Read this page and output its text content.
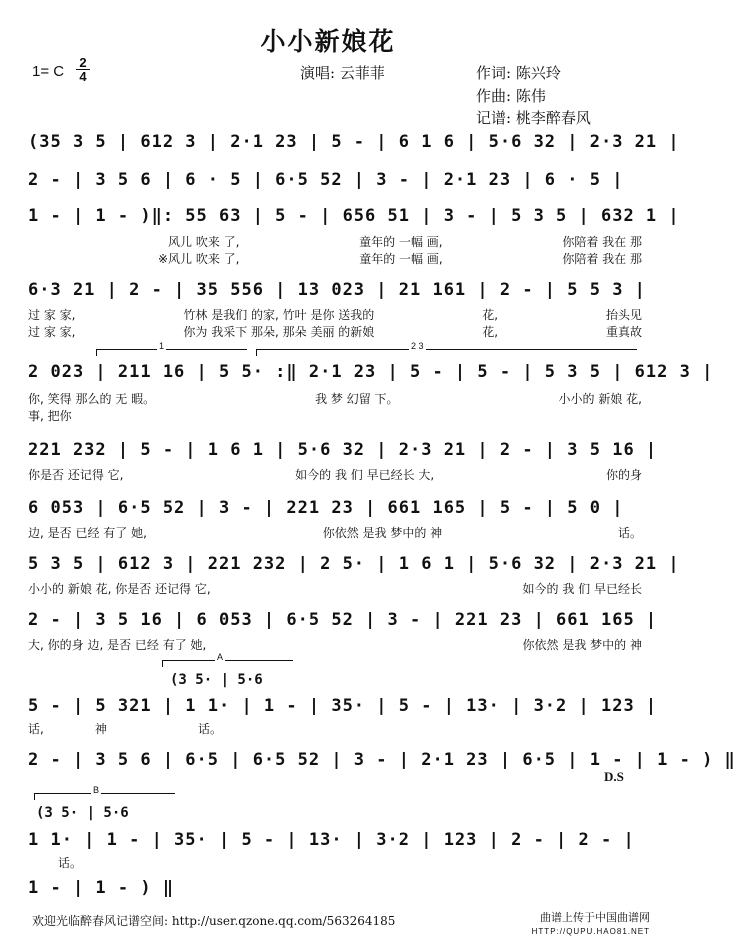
小小新娘花
1= C $\frac{2}{4}$	演唱: 云菲菲	作词: 陈兴玲
作曲: 陈伟
记谱: 桃李醉春风
(35 3 5 | 612 3 | 2·1 23 | 5 - | 6 1 6 | 5·6 32 | 2·3 21 |
2 - | 3 5 6 | 6 · 5 | 6·5 52 | 3 - | 2·1 23 | 6 · 5 |
1 - | 1 - )‖: 55 63 | 5 - | 656 51 | 3 - | 5 3 5 | 632 1 |
风儿 吹来 了,	童年的 一幅 画,	你陪着 我在 那
※风儿 吹来 了,	童年的 一幅 画,	你陪着 我在 那
6·3 21 | 2 - | 35 556 | 13 023 | 21 161 | 2 - | 5 5 3 |
过 家 家,	竹林 是我们 的家, 竹叶 是你 送我的	花,	抬头见
过 家 家,	你为 我采下 那朵, 那朵 美丽 的新娘	花,	重真故
1	2 3
2 023 | 211 16 | 5 5· :‖ 2·1 23 | 5 - | 5 - | 5 3 5 | 612 3 |
你, 笑得 那么的 无 暇。	我 梦 幻留 下。	小小的 新娘 花,
事, 把你
221 232 | 5 - | 1 6 1 | 5·6 32 | 2·3 21 | 2 - | 3 5 16 |
你是否 还记得 它,	如今的 我 们 早已经长 大,	你的身
6 053 | 6·5 52 | 3 - | 221 23 | 661 165 | 5 - | 5 0 |
边, 是否 已经 有了 她,	你依然 是我 梦中的 神	话。
5 3 5 | 612 3 | 221 232 | 2 5· | 1 6 1 | 5·6 32 | 2·3 21 |
小小的 新娘 花, 你是否 还记得 它,	如今的 我 们 早已经长
2 - | 3 5 16 | 6 053 | 6·5 52 | 3 - | 221 23 | 661 165 |
大, 你的身 边, 是否 已经 有了 她,	你依然 是我 梦中的 神
A
(3 5· | 5·6
5 - | 5 321 | 1 1· | 1 - | 35· | 5 - | 13· | 3·2 | 123 |
话,	神	话。
2 - | 3 5 6 | 6·5 | 6·5 52 | 3 - | 2·1 23 | 6·5 | 1 - | 1 - ) ‖
D.S
B
(3 5· | 5·6
1 1· | 1 - | 35· | 5 - | 13· | 3·2 | 123 | 2 - | 2 - |
话。
1 - | 1 - ) ‖
欢迎光临醉春风记谱空间: http://user.qzone.qq.com/563264185	曲谱上传于中国曲谱网
HTTP://QUPU.HAO81.NET
